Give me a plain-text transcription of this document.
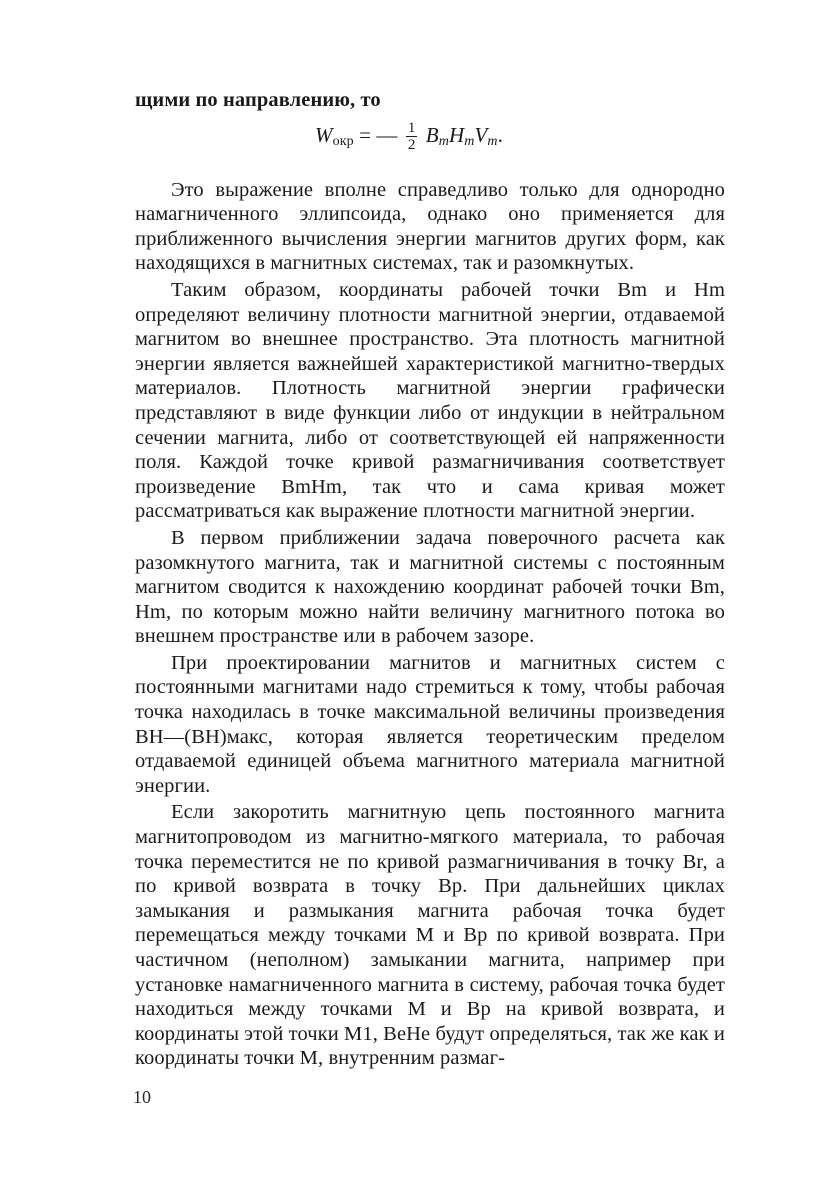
щими по направлению, то

$W_{окр}$ = — $\frac{1}{2} B_mH_mV_m$.

Это выражение вполне справедливо только для однородно намагниченного эллипсоида, однако оно применяется для приближенного вычисления энергии магнитов других форм, как находящихся в магнитных системах, так и разомкнутых.

Таким образом, координаты рабочей точки Bm и Hm определяют величину плотности магнитной энергии, отдаваемой магнитом во внешнее пространство. Эта плотность магнитной энергии является важнейшей характеристикой магнитно-твердых материалов. Плотность магнитной энергии графически представляют в виде функции либо от индукции в нейтральном сечении магнита, либо от соответствующей ей напряженности поля. Каждой точке кривой размагничивания соответствует произведение BmHm, так что и сама кривая может рассматриваться как выражение плотности магнитной энергии.

В первом приближении задача поверочного расчета как разомкнутого магнита, так и магнитной системы с постоянным магнитом сводится к нахождению координат рабочей точки Bm, Hm, по которым можно найти величину магнитного потока во внешнем пространстве или в рабочем зазоре.

При проектировании магнитов и магнитных систем с постоянными магнитами надо стремиться к тому, чтобы рабочая точка находилась в точке максимальной величины произведения BH—(BH)макс, которая является теоретическим пределом отдаваемой единицей объема магнитного материала магнитной энергии.

Если закоротить магнитную цепь постоянного магнита магнитопроводом из магнитно-мягкого материала, то рабочая точка переместится не по кривой размагничивания в точку Br, а по кривой возврата в точку Bp. При дальнейших циклах замыкания и размыкания магнита рабочая точка будет перемещаться между точками M и Bp по кривой возврата. При частичном (неполном) замыкании магнита, например при установке намагниченного магнита в систему, рабочая точка будет находиться между точками M и Bp на кривой возврата, и координаты этой точки M1, BeHe будут определяться, так же как и координаты точки M, внутренним размаг-

10
